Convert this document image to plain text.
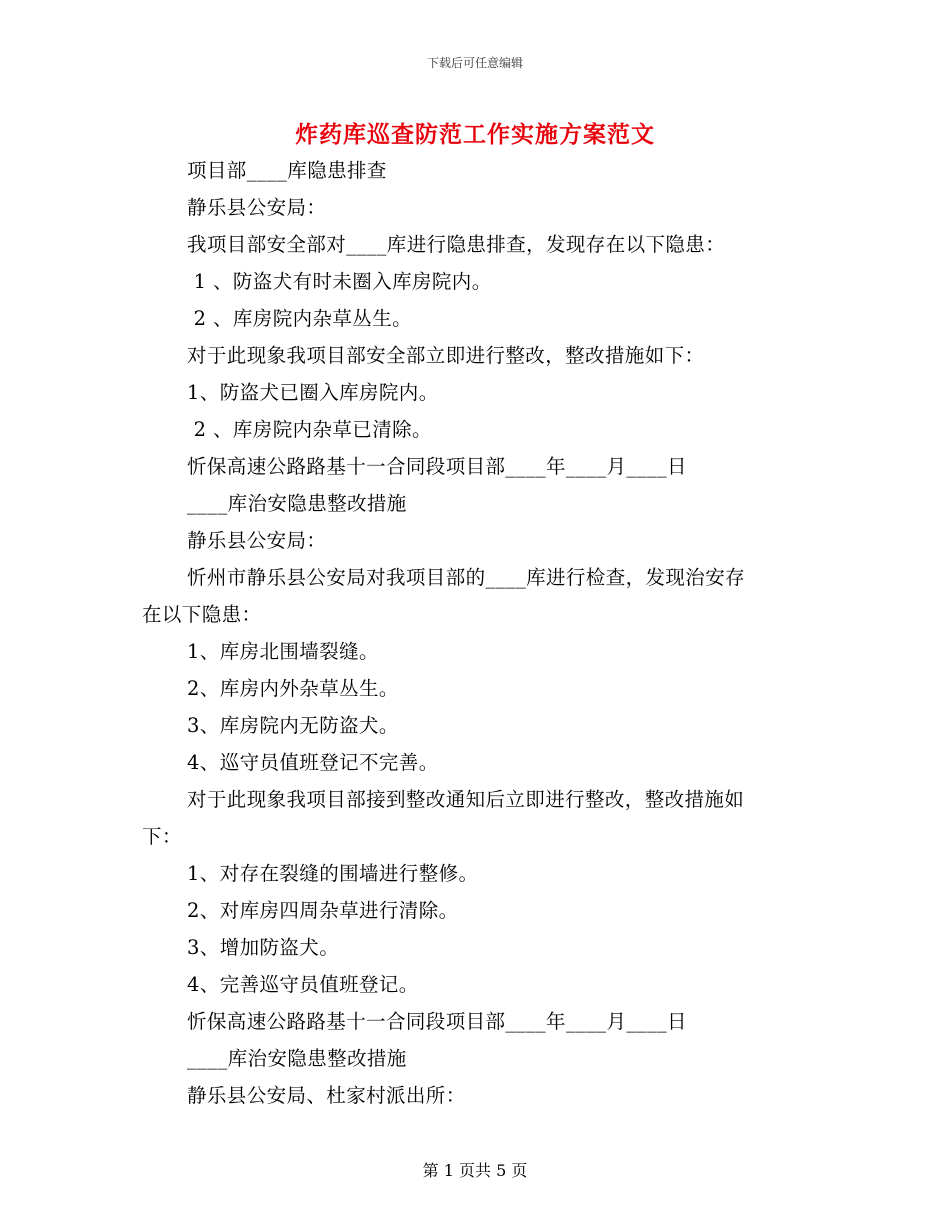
下载后可任意编辑
炸药库巡查防范工作实施方案范文
项目部____库隐患排查
静乐县公安局：
我项目部安全部对____库进行隐患排查，发现存在以下隐患：
1 、防盗犬有时未圈入库房院内。
2 、库房院内杂草丛生。
对于此现象我项目部安全部立即进行整改，整改措施如下：
1、防盗犬已圈入库房院内。
2 、库房院内杂草已清除。
忻保高速公路路基十一合同段项目部____年____月____日
____库治安隐患整改措施
静乐县公安局：
忻州市静乐县公安局对我项目部的____库进行检查，发现治安存
在以下隐患：
1、库房北围墙裂缝。
2、库房内外杂草丛生。
3、库房院内无防盗犬。
4、巡守员值班登记不完善。
对于此现象我项目部接到整改通知后立即进行整改，整改措施如
下：
1、对存在裂缝的围墙进行整修。
2、对库房四周杂草进行清除。
3、增加防盗犬。
4、完善巡守员值班登记。
忻保高速公路路基十一合同段项目部____年____月____日
____库治安隐患整改措施
静乐县公安局、杜家村派出所：
第 1 页共 5 页
